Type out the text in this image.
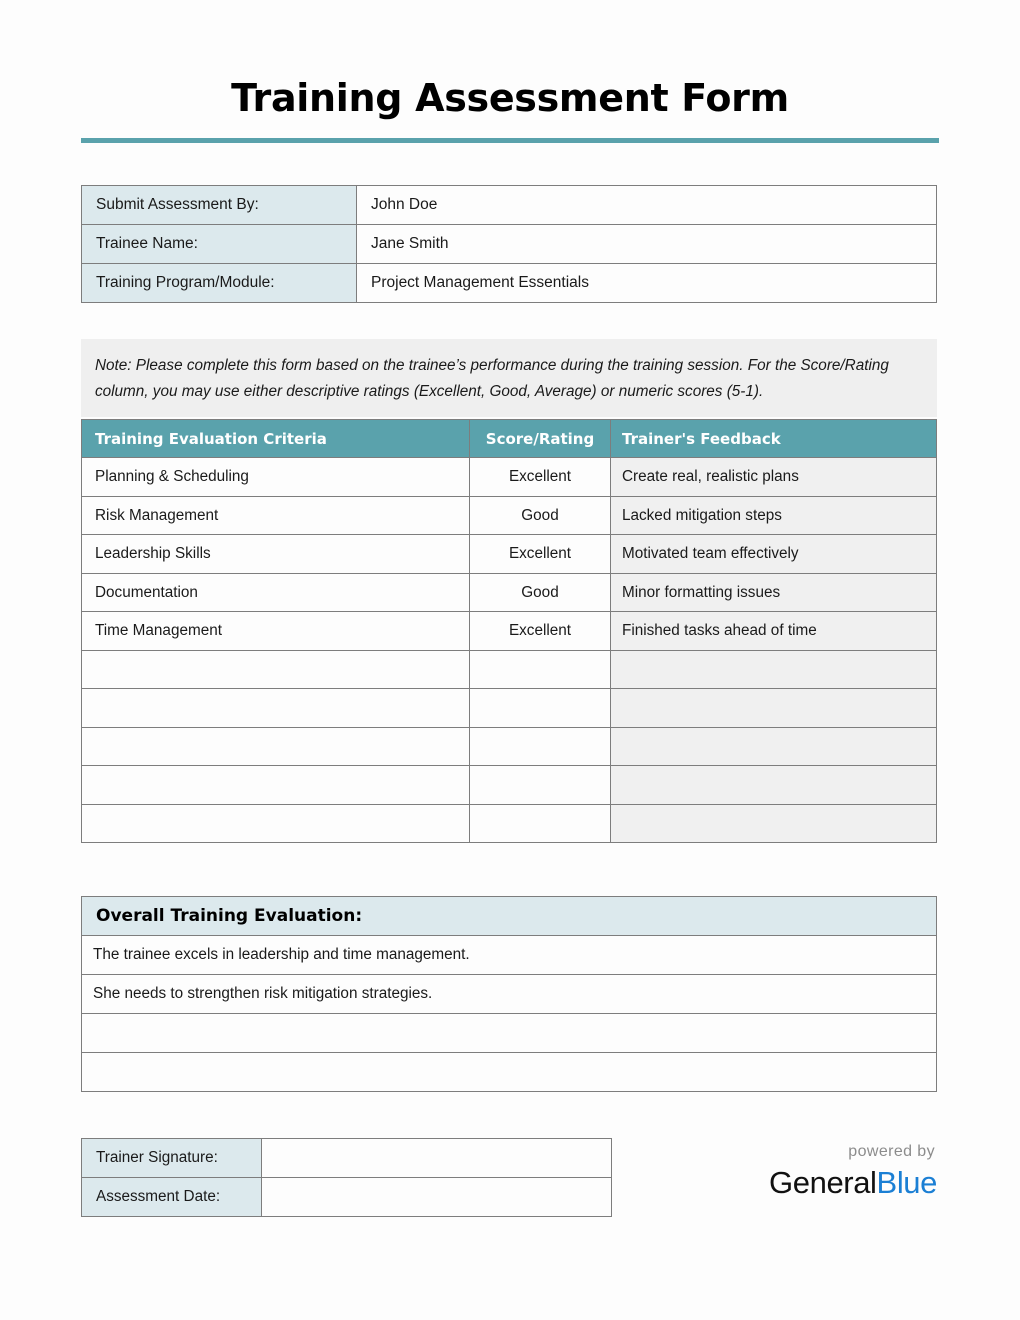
Training Assessment Form
Submit Assessment By:	John Doe
Trainee Name:	Jane Smith
Training Program/Module:	Project Management Essentials
Note: Please complete this form based on the trainee’s performance during the training session. For the Score/Rating column, you may use either descriptive ratings (Excellent, Good, Average) or numeric scores (5-1).
Training Evaluation Criteria	Score/Rating	Trainer's Feedback
Planning & Scheduling	Excellent	Create real, realistic plans
Risk Management	Good	Lacked mitigation steps
Leadership Skills	Excellent	Motivated team effectively
Documentation	Good	Minor formatting issues
Time Management	Excellent	Finished tasks ahead of time

Overall Training Evaluation:
The trainee excels in leadership and time management.
She needs to strengthen risk mitigation strategies.

Trainer Signature:	
Assessment Date:	
powered by
GeneralBlue
